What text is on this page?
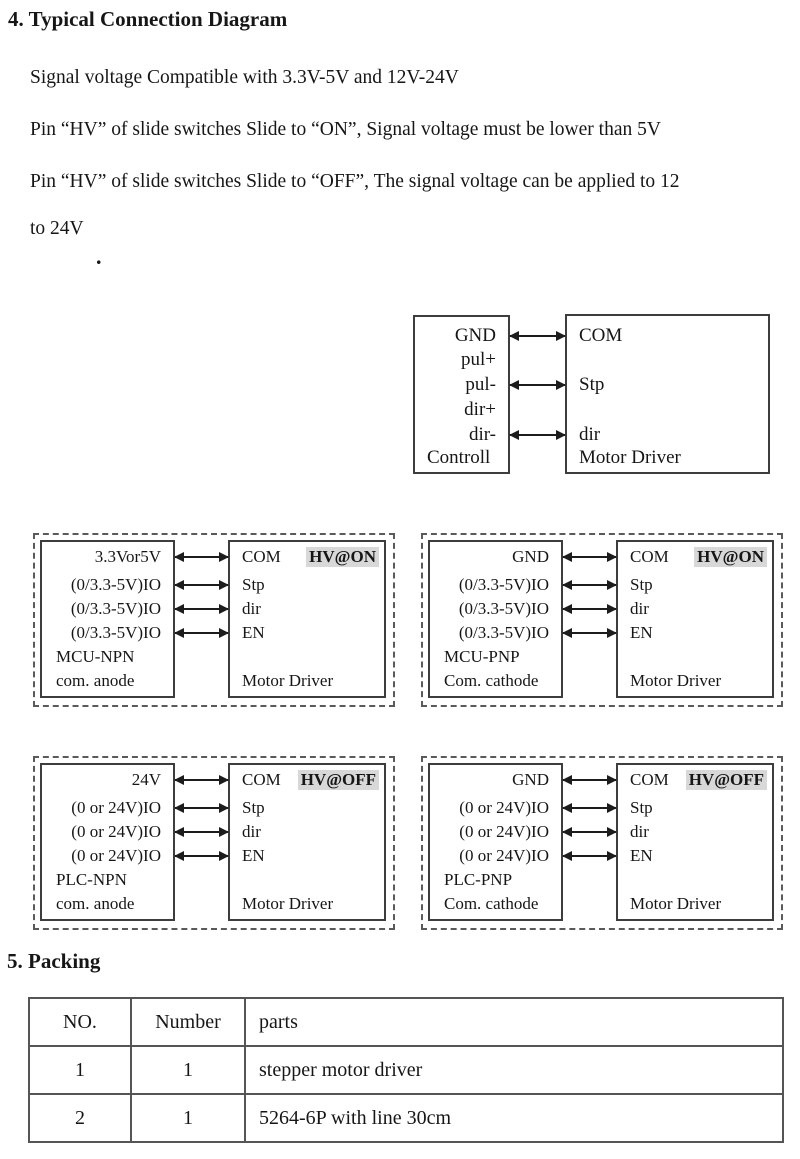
4. Typical Connection Diagram
Signal voltage Compatible with 3.3V-5V and 12V-24V
Pin “HV” of slide switches Slide to “ON”, Signal voltage must be lower than 5V
Pin “HV” of slide switches Slide to “OFF”, The signal voltage can be applied to 12
to 24V
.
GND
pul+
pul-
dir+
dir-
Controll
COM
Stp
dir
Motor Driver
3.3Vor5V
(0/3.3-5V)IO
(0/3.3-5V)IO
(0/3.3-5V)IO
MCU-NPN
com. anode
COM
Stp
dir
EN
HV@ON
Motor Driver
GND
(0/3.3-5V)IO
(0/3.3-5V)IO
(0/3.3-5V)IO
MCU-PNP
Com. cathode
COM
Stp
dir
EN
HV@ON
Motor Driver
24V
(0 or 24V)IO
(0 or 24V)IO
(0 or 24V)IO
PLC-NPN
com. anode
COM
Stp
dir
EN
HV@OFF
Motor Driver
GND
(0 or 24V)IO
(0 or 24V)IO
(0 or 24V)IO
PLC-PNP
Com. cathode
COM
Stp
dir
EN
HV@OFF
Motor Driver
5. Packing
NO.	Number	parts
1	1	stepper motor driver
2	1	5264-6P with line 30cm
